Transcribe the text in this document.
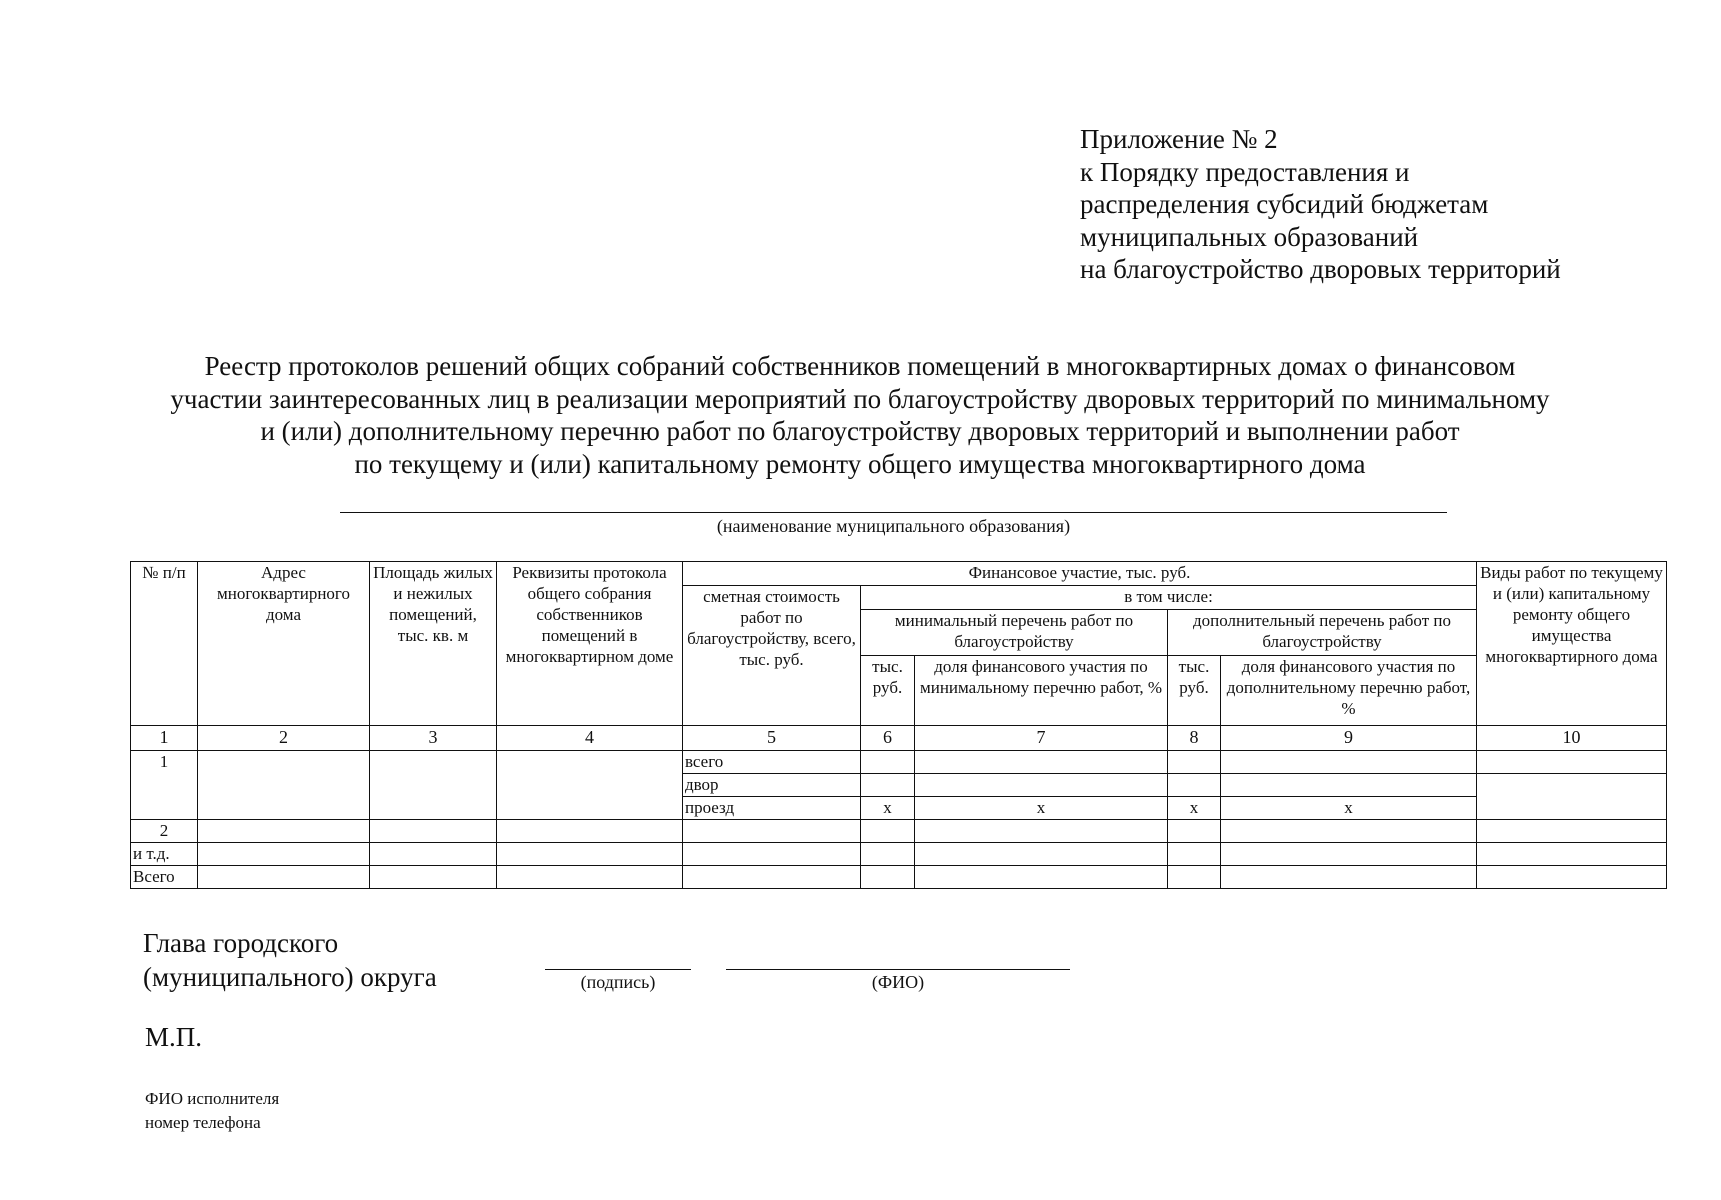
Приложение № 2
к Порядку предоставления и
распределения субсидий бюджетам
муниципальных образований
на благоустройство дворовых территорий
Реестр протоколов решений общих собраний собственников помещений в многоквартирных домах о финансовом
участии заинтересованных лиц в реализации мероприятий по благоустройству дворовых территорий по минимальному
и (или) дополнительному перечню работ по благоустройству дворовых территорий и выполнении работ
по текущему и (или) капитальному ремонту общего имущества многоквартирного дома
(наименование муниципального образования)
№ п/п	Адрес многоквартирного дома	Площадь жилых и нежилых помещений, тыс. кв. м	Реквизиты протокола общего собрания собственников помещений в многоквартирном доме	Финансовое участие, тыс. руб.					Виды работ по текущему и (или) капитальному ремонту общего имущества многоквартирного дома
				сметная стоимость работ по благоустройству, всего, тыс. руб.	в том числе:				
					минимальный перечень работ по благоустройству		дополнительный перечень работ по благоустройству		
					тыс. руб.	доля финансового участия по минимальному перечню работ, %	тыс. руб.	доля финансового участия по дополнительному перечню работ, %	
1	2	3	4	5	6	7	8	9	10
1				всего					
				двор					
				проезд	х	х	х	х	
2									
и т.д.									
Всего									
Глава городского
(муниципального) округа	(подпись)	(ФИО)
М.П.
ФИО исполнителя
номер телефона
